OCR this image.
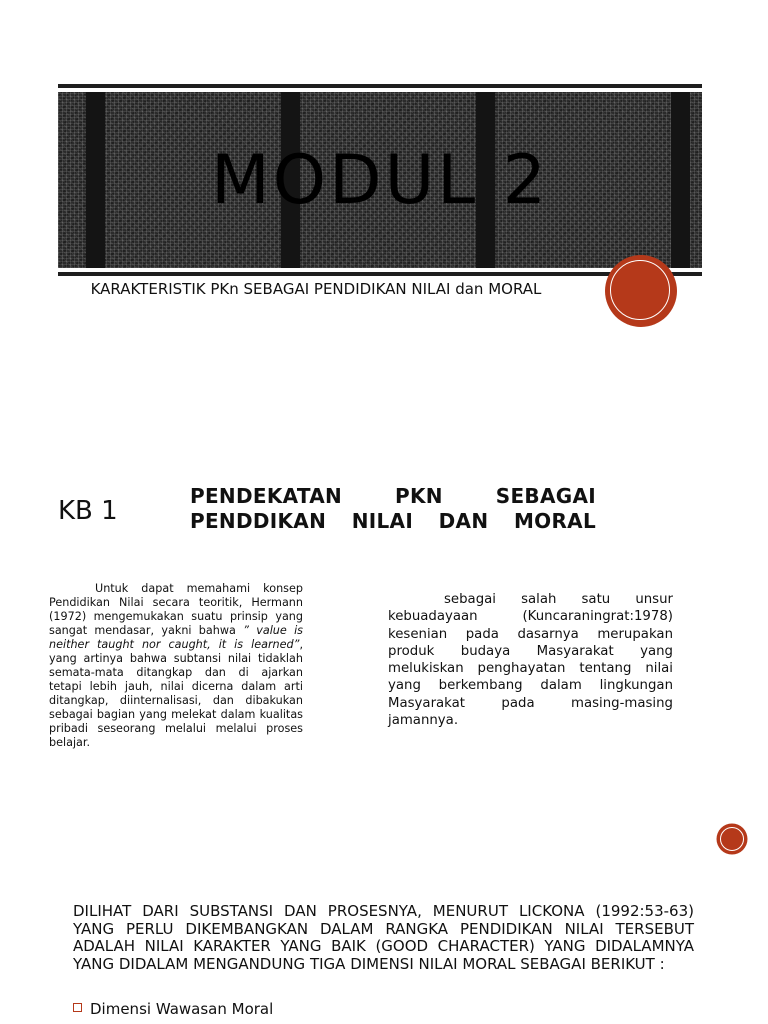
MODUL 2
KARAKTERISTIK PKn SEBAGAI PENDIDIKAN NILAI dan MORAL
KB 1	PENDEKATAN PKN SEBAGAI PENDDIKAN NILAI DAN MORAL

Untuk dapat memahami konsep Pendidikan Nilai secara teoritik, Hermann (1972) mengemukakan suatu prinsip yang sangat mendasar, yakni bahwa ” value is neither taught nor caught, it is learned”, yang artinya bahwa subtansi nilai tidaklah semata-mata ditangkap dan di ajarkan tetapi lebih jauh, nilai dicerna dalam arti ditangkap, diinternalisasi, dan dibakukan sebagai bagian yang melekat dalam kualitas pribadi seseorang melalui melalui proses belajar.

sebagai salah satu unsur kebuadayaan (Kuncaraningrat:1978) kesenian pada dasarnya merupakan produk budaya Masyarakat yang melukiskan penghayatan tentang nilai yang berkembang dalam lingkungan Masyarakat pada masing-masing jamannya.

DILIHAT DARI SUBSTANSI DAN PROSESNYA, MENURUT LICKONA (1992:53-63) YANG PERLU DIKEMBANGKAN DALAM RANGKA PENDIDIKAN NILAI TERSEBUT ADALAH NILAI KARAKTER YANG BAIK (GOOD CHARACTER) YANG DIDALAMNYA YANG DIDALAM MENGANDUNG TIGA DIMENSI NILAI MORAL SEBAGAI BERIKUT :

Dimensi Wawasan Moral
